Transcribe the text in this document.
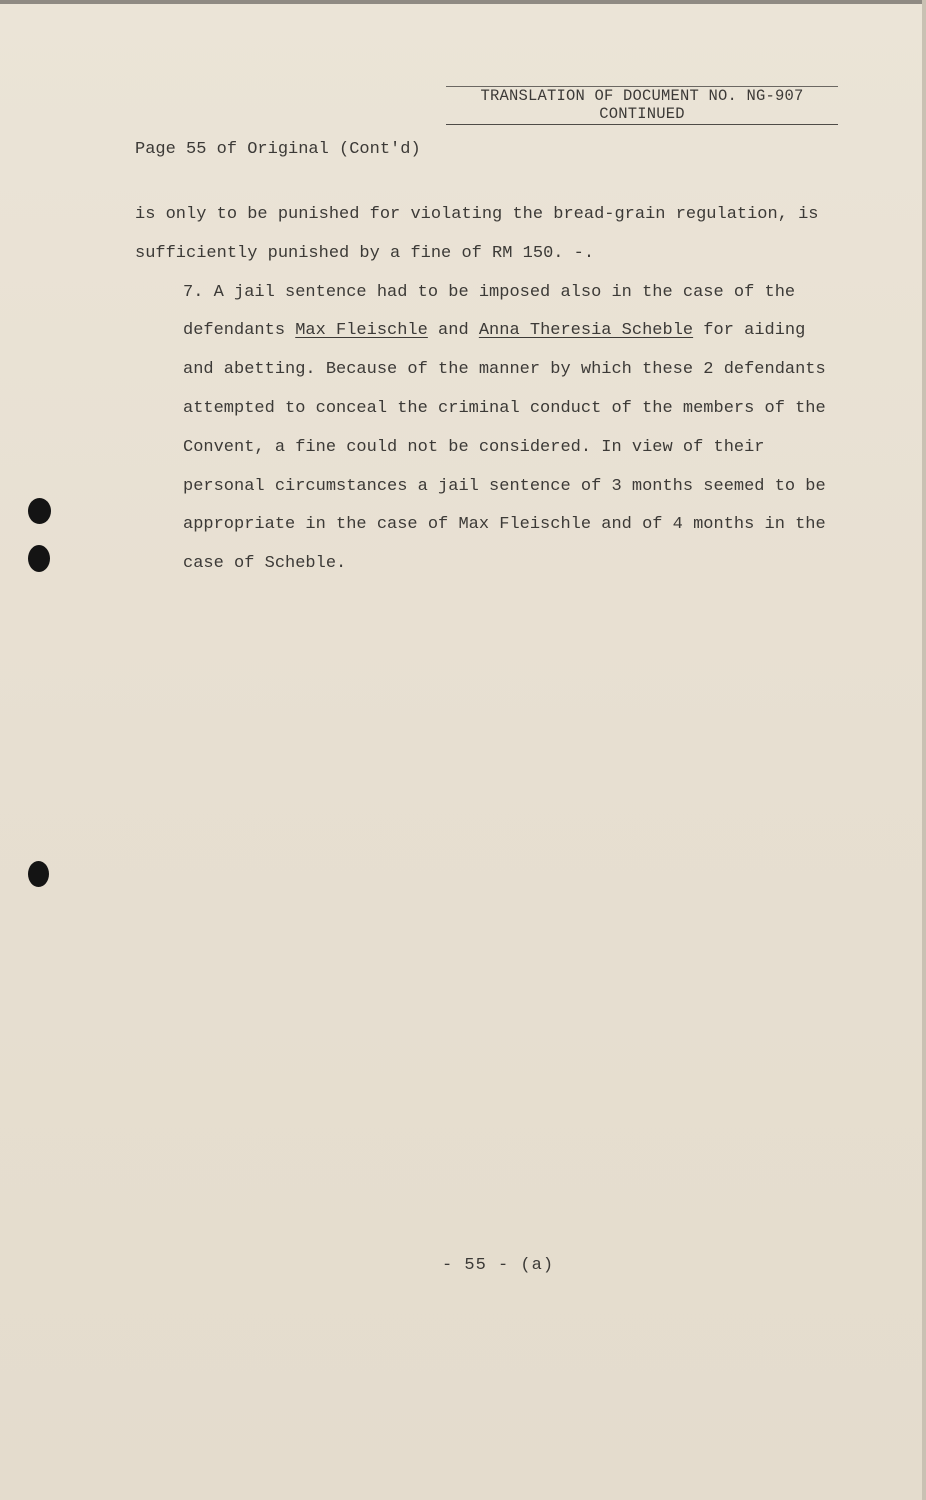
TRANSLATION OF DOCUMENT NO. NG-907
CONTINUED
Page 55 of Original (Cont'd)

is only to be punished for violating the bread-grain regulation, is sufficiently punished by a fine of RM 150. -.

7. A jail sentence had to be imposed also in the case of the defendants Max Fleischle and Anna Theresia Scheble for aiding and abetting. Because of the manner by which these 2 defendants attempted to conceal the criminal conduct of the members of the Convent, a fine could not be considered. In view of their personal circumstances a jail sentence of 3 months seemed to be appropriate in the case of Max Fleischle and of 4 months in the case of Scheble.

- 55 - (a)
